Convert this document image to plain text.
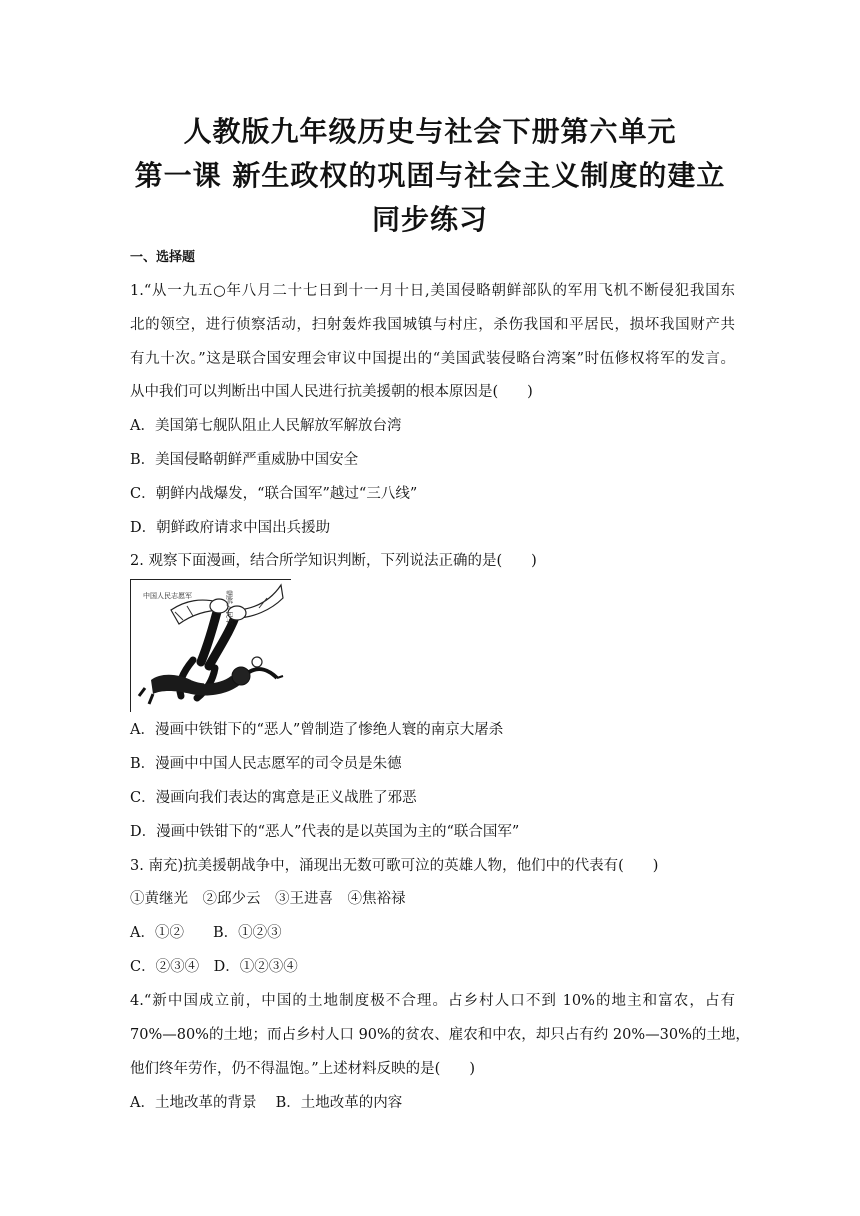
人教版九年级历史与社会下册第六单元
第一课 新生政权的巩固与社会主义制度的建立
同步练习
一、选择题
1.“从一九五○年八月二十七日到十一月十日,美国侵略朝鲜部队的军用飞机不断侵犯我国东
北的领空，进行侦察活动，扫射轰炸我国城镇与村庄，杀伤我国和平居民，损坏我国财产共
有九十次。”这是联合国安理会审议中国提出的“美国武装侵略台湾案”时伍修权将军的发言。
从中我们可以判断出中国人民进行抗美援朝的根本原因是(　　)
A．美国第七舰队阻止人民解放军解放台湾
B．美国侵略朝鲜严重威胁中国安全
C．朝鲜内战爆发，“联合国军”越过“三八线”
D．朝鲜政府请求中国出兵援助
2. 观察下面漫画，结合所学知识判断，下列说法正确的是(　　)
中国人民志愿军	朝鲜人民军
A．漫画中铁钳下的“恶人”曾制造了惨绝人寰的南京大屠杀
B．漫画中中国人民志愿军的司令员是朱德
C．漫画向我们表达的寓意是正义战胜了邪恶
D．漫画中铁钳下的“恶人”代表的是以英国为主的“联合国军”
3. 南充)抗美援朝战争中，涌现出无数可歌可泣的英雄人物，他们中的代表有(　　)
①黄继光　②邱少云　③王进喜　④焦裕禄
A．①②　　B．①②③
C．②③④　D．①②③④
4.“新中国成立前，中国的土地制度极不合理。占乡村人口不到 10%的地主和富农，占有
70%—80%的土地；而占乡村人口 90%的贫农、雇农和中农，却只占有约 20%—30%的土地，
他们终年劳作，仍不得温饱。”上述材料反映的是(　　)
A．土地改革的背景　 B．土地改革的内容
